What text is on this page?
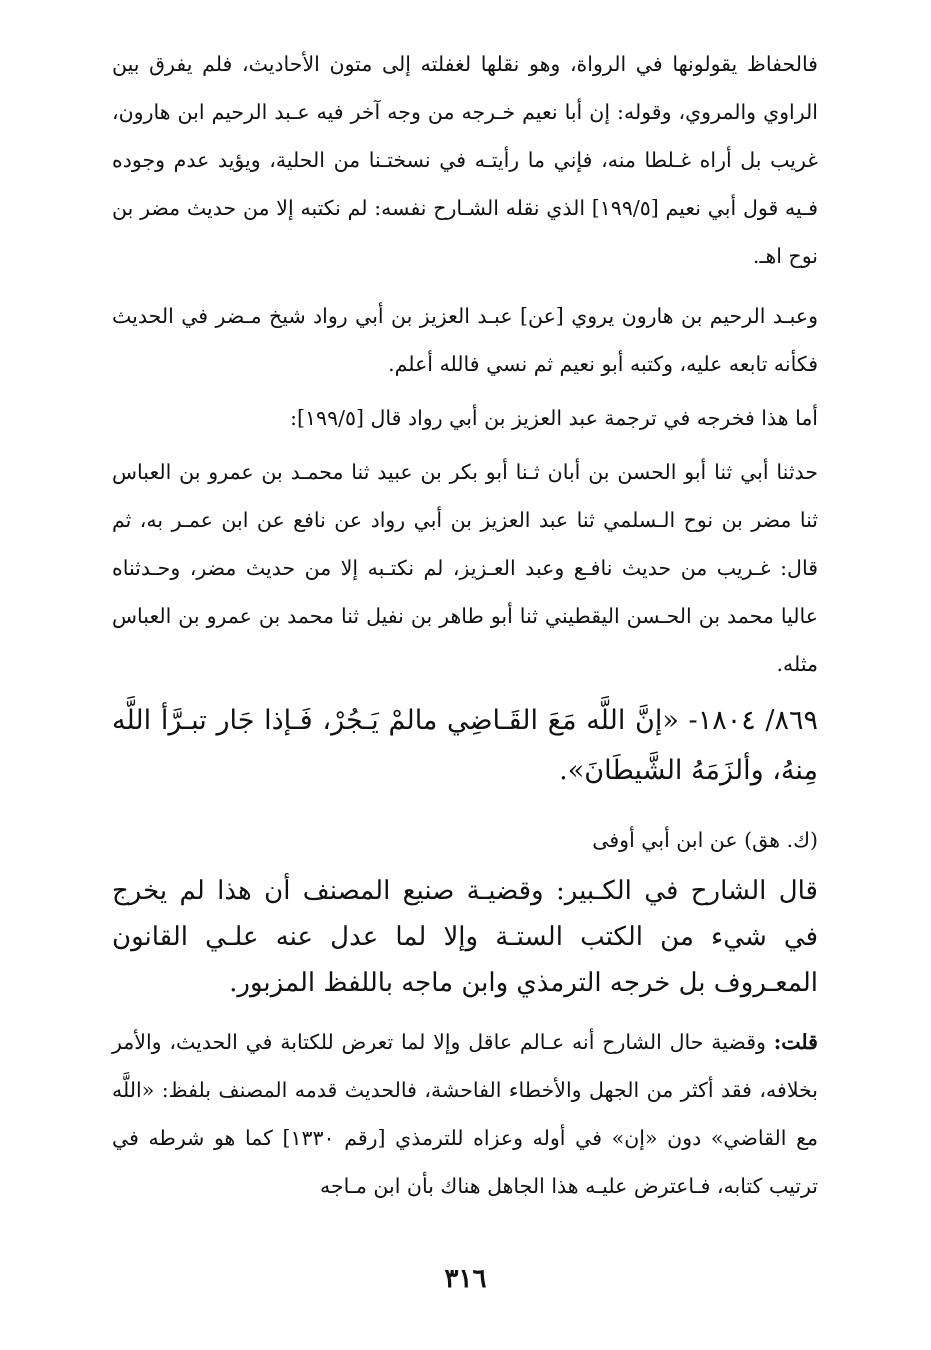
فالحفاظ يقولونها في الرواة، وهو نقلها لغفلته إلى متون الأحاديث، فلم يفرق بين الراوي والمروي، وقوله: إن أبا نعيم خـرجه من وجه آخر فيه عـبد الرحيم ابن هارون، غريب بل أراه غـلطا منه، فإني ما رأيتـه في نسختـنا من الحلية، ويؤيد عدم وجوده فـيه قول أبي نعيم [١٩٩/٥] الذي نقله الشـارح نفسه: لم نكتبه إلا من حديث مضر بن نوح اهـ.

وعبـد الرحيم بن هارون يروي [عن] عبـد العزيز بن أبي رواد شيخ مـضر في الحديث فكأنه تابعه عليه، وكتبه أبو نعيم ثم نسي فالله أعلم.

أما هذا فخرجه في ترجمة عبد العزيز بن أبي رواد قال [١٩٩/٥]:

حدثنا أبي ثنا أبو الحسن بن أبان ثـنا أبو بكر بن عبيد ثنا محمـد بن عمرو بن العباس ثنا مضر بن نوح الـسلمي ثنا عبد العزيز بن أبي رواد عن نافع عن ابن عمـر به، ثم قال: غـريب من حديث نافـع وعبد العـزيز، لم نكتـبه إلا من حديث مضر، وحـدثناه عاليا محمد بن الحـسن اليقطيني ثنا أبو طاهر بن نفيل ثنا محمد بن عمرو بن العباس مثله.

٨٦٩/ ١٨٠٤- «إنَّ اللَّه مَعَ القَـاضِي مالمْ يَـجُرْ، فَـإذا جَار تبـرَّأ اللَّه مِنهُ، وألزَمَهُ الشَّيطَانَ».

(ك. هق) عن ابن أبي أوفى

قال الشارح في الكـبير: وقضيـة صنيع المصنف أن هذا لم يخرج في شيء من الكتب الستـة وإلا لما عدل عنه علـي القانون المعـروف بل خرجه الترمذي وابن ماجه باللفظ المزبور.

قلت: وقضية حال الشارح أنه عـالم عاقل وإلا لما تعرض للكتابة في الحديث، والأمر بخلافه، فقد أكثر من الجهل والأخطاء الفاحشة، فالحديث قدمه المصنف بلفظ: «اللَّه مع القاضي» دون «إن» في أوله وعزاه للترمذي [رقم ١٣٣٠] كما هو شرطه في ترتيب كتابه، فـاعترض عليـه هذا الجاهل هناك بأن ابن مـاجه

٣١٦
